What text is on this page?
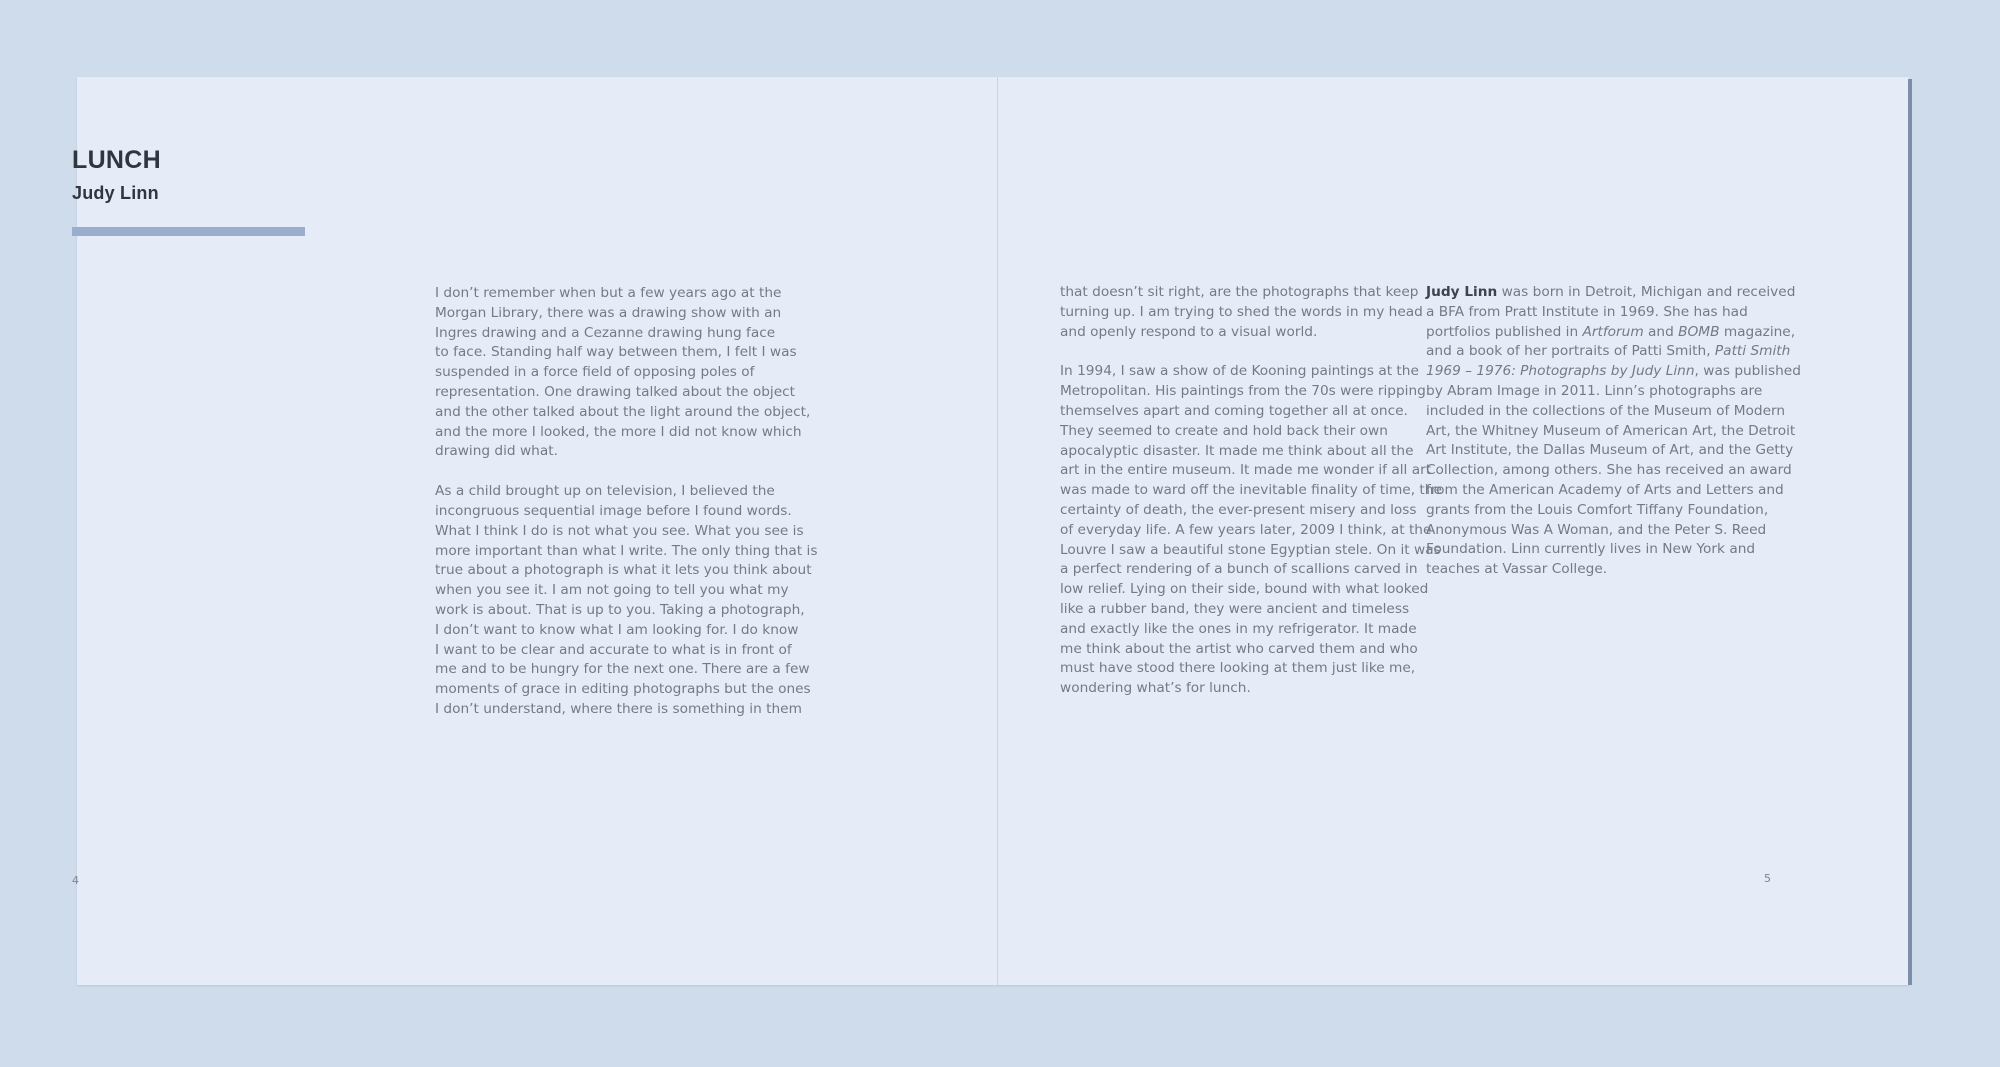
LUNCH
Judy Linn

I don’t remember when but a few years ago at the
Morgan Library, there was a drawing show with an
Ingres drawing and a Cezanne drawing hung face
to face. Standing half way between them, I felt I was
suspended in a force field of opposing poles of
representation. One drawing talked about the object
and the other talked about the light around the object,
and the more I looked, the more I did not know which
drawing did what.

As a child brought up on television, I believed the
incongruous sequential image before I found words.
What I think I do is not what you see. What you see is
more important than what I write. The only thing that is
true about a photograph is what it lets you think about
when you see it. I am not going to tell you what my
work is about. That is up to you. Taking a photograph,
I don’t want to know what I am looking for. I do know
I want to be clear and accurate to what is in front of
me and to be hungry for the next one. There are a few
moments of grace in editing photographs but the ones
I don’t understand, where there is something in them

that doesn’t sit right, are the photographs that keep
turning up. I am trying to shed the words in my head
and openly respond to a visual world.

In 1994, I saw a show of de Kooning paintings at the
Metropolitan. His paintings from the 70s were ripping
themselves apart and coming together all at once.
They seemed to create and hold back their own
apocalyptic disaster. It made me think about all the
art in the entire museum. It made me wonder if all art
was made to ward off the inevitable finality of time, the
certainty of death, the ever-present misery and loss
of everyday life. A few years later, 2009 I think, at the
Louvre I saw a beautiful stone Egyptian stele. On it was
a perfect rendering of a bunch of scallions carved in
low relief. Lying on their side, bound with what looked
like a rubber band, they were ancient and timeless
and exactly like the ones in my refrigerator. It made
me think about the artist who carved them and who
must have stood there looking at them just like me,
wondering what’s for lunch.

Judy Linn was born in Detroit, Michigan and received
a BFA from Pratt Institute in 1969. She has had
portfolios published in Artforum and BOMB magazine,
and a book of her portraits of Patti Smith, Patti Smith
1969 – 1976: Photographs by Judy Linn, was published
by Abram Image in 2011. Linn’s photographs are
included in the collections of the Museum of Modern
Art, the Whitney Museum of American Art, the Detroit
Art Institute, the Dallas Museum of Art, and the Getty
Collection, among others. She has received an award
from the American Academy of Arts and Letters and
grants from the Louis Comfort Tiffany Foundation,
Anonymous Was A Woman, and the Peter S. Reed
Foundation. Linn currently lives in New York and
teaches at Vassar College.

4	5
